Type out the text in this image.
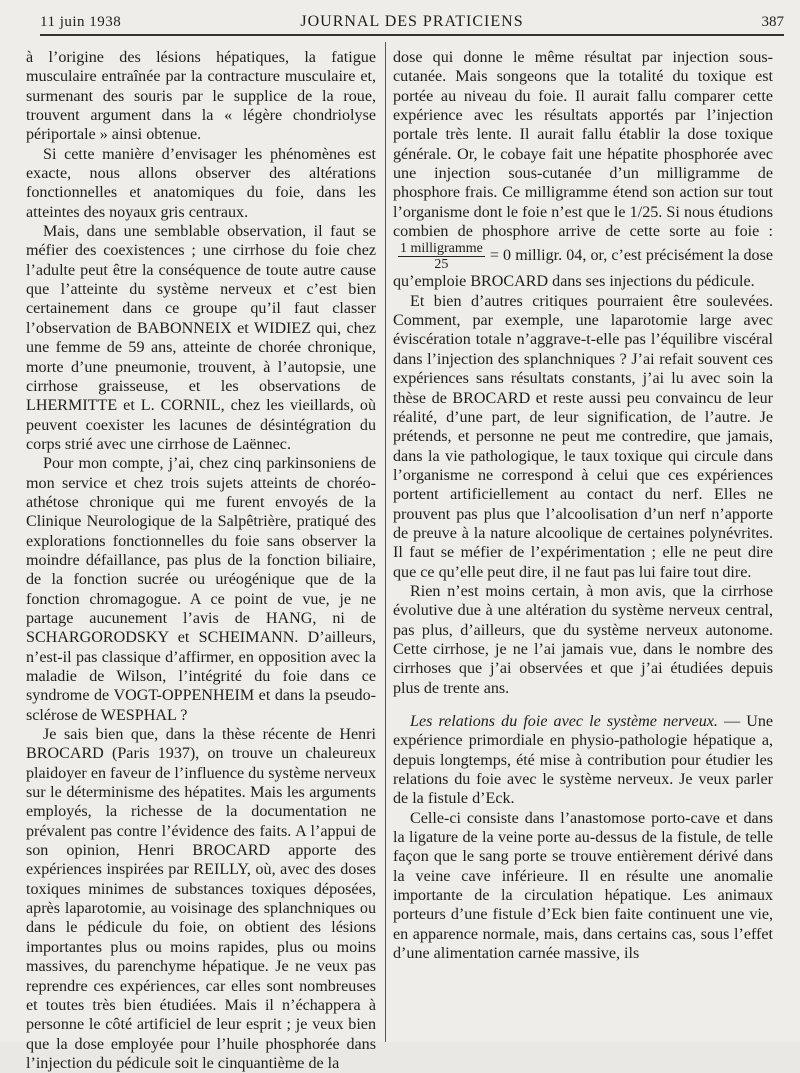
11 juin 1938	JOURNAL DES PRATICIENS	387

à l’origine des lésions hépatiques, la fatigue musculaire entraînée par la contracture musculaire et, surmenant des souris par le supplice de la roue, trouvent argument dans la « légère chondriolyse périportale » ainsi obtenue.

Si cette manière d’envisager les phénomènes est exacte, nous allons observer des altérations fonctionnelles et anatomiques du foie, dans les atteintes des noyaux gris centraux.

Mais, dans une semblable observation, il faut se méfier des coexistences ; une cirrhose du foie chez l’adulte peut être la conséquence de toute autre cause que l’atteinte du système nerveux et c’est bien certainement dans ce groupe qu’il faut classer l’observation de BABONNEIX et WIDIEZ qui, chez une femme de 59 ans, atteinte de chorée chronique, morte d’une pneumonie, trouvent, à l’autopsie, une cirrhose graisseuse, et les observations de LHERMITTE et L. CORNIL, chez les vieillards, où peuvent coexister les lacunes de désintégration du corps strié avec une cirrhose de Laënnec.

Pour mon compte, j’ai, chez cinq parkinsoniens de mon service et chez trois sujets atteints de choréo-athétose chronique qui me furent envoyés de la Clinique Neurologique de la Salpêtrière, pratiqué des explorations fonctionnelles du foie sans observer la moindre défaillance, pas plus de la fonction biliaire, de la fonction sucrée ou uréogénique que de la fonction chromagogue. A ce point de vue, je ne partage aucunement l’avis de HANG, ni de SCHARGORODSKY et SCHEIMANN. D’ailleurs, n’est-il pas classique d’affirmer, en opposition avec la maladie de Wilson, l’intégrité du foie dans ce syndrome de VOGT-OPPENHEIM et dans la pseudo-sclérose de WESPHAL ?

Je sais bien que, dans la thèse récente de Henri BROCARD (Paris 1937), on trouve un chaleureux plaidoyer en faveur de l’influence du système nerveux sur le déterminisme des hépatites. Mais les arguments employés, la richesse de la documentation ne prévalent pas contre l’évidence des faits. A l’appui de son opinion, Henri BROCARD apporte des expériences inspirées par REILLY, où, avec des doses toxiques minimes de substances toxiques déposées, après laparotomie, au voisinage des splanchniques ou dans le pédicule du foie, on obtient des lésions importantes plus ou moins rapides, plus ou moins massives, du parenchyme hépatique. Je ne veux pas reprendre ces expériences, car elles sont nombreuses et toutes très bien étudiées. Mais il n’échappera à personne le côté artificiel de leur esprit ; je veux bien que la dose employée pour l’huile phosphorée dans l’injection du pédicule soit le cinquantième de la

dose qui donne le même résultat par injection sous-cutanée. Mais songeons que la totalité du toxique est portée au niveau du foie. Il aurait fallu comparer cette expérience avec les résultats apportés par l’injection portale très lente. Il aurait fallu établir la dose toxique générale. Or, le cobaye fait une hépatite phosphorée avec une injection sous-cutanée d’un milligramme de phosphore frais. Ce milligramme étend son action sur tout l’organisme dont le foie n’est que le 1/25. Si nous étudions combien de phosphore arrive de cette sorte au foie :
$\frac{\text{1 milligramme}}{25} = 0$ milligr. 04, or, c’est précisément la dose qu’emploie BROCARD dans ses injections du pédicule.

Et bien d’autres critiques pourraient être soulevées. Comment, par exemple, une laparotomie large avec éviscération totale n’aggrave-t-elle pas l’équilibre viscéral dans l’injection des splanchniques ? J’ai refait souvent ces expériences sans résultats constants, j’ai lu avec soin la thèse de BROCARD et reste aussi peu convaincu de leur réalité, d’une part, de leur signification, de l’autre. Je prétends, et personne ne peut me contredire, que jamais, dans la vie pathologique, le taux toxique qui circule dans l’organisme ne correspond à celui que ces expériences portent artificiellement au contact du nerf. Elles ne prouvent pas plus que l’alcoolisation d’un nerf n’apporte de preuve à la nature alcoolique de certaines polynévrites. Il faut se méfier de l’expérimentation ; elle ne peut dire que ce qu’elle peut dire, il ne faut pas lui faire tout dire.

Rien n’est moins certain, à mon avis, que la cirrhose évolutive due à une altération du système nerveux central, pas plus, d’ailleurs, que du système nerveux autonome. Cette cirrhose, je ne l’ai jamais vue, dans le nombre des cirrhoses que j’ai observées et que j’ai étudiées depuis plus de trente ans.

Les relations du foie avec le système nerveux. — Une expérience primordiale en physio-pathologie hépatique a, depuis longtemps, été mise à contribution pour étudier les relations du foie avec le système nerveux. Je veux parler de la fistule d’Eck.

Celle-ci consiste dans l’anastomose porto-cave et dans la ligature de la veine porte au-dessus de la fistule, de telle façon que le sang porte se trouve entièrement dérivé dans la veine cave inférieure. Il en résulte une anomalie importante de la circulation hépatique. Les animaux porteurs d’une fistule d’Eck bien faite continuent une vie, en apparence normale, mais, dans certains cas, sous l’effet d’une alimentation carnée massive, ils
